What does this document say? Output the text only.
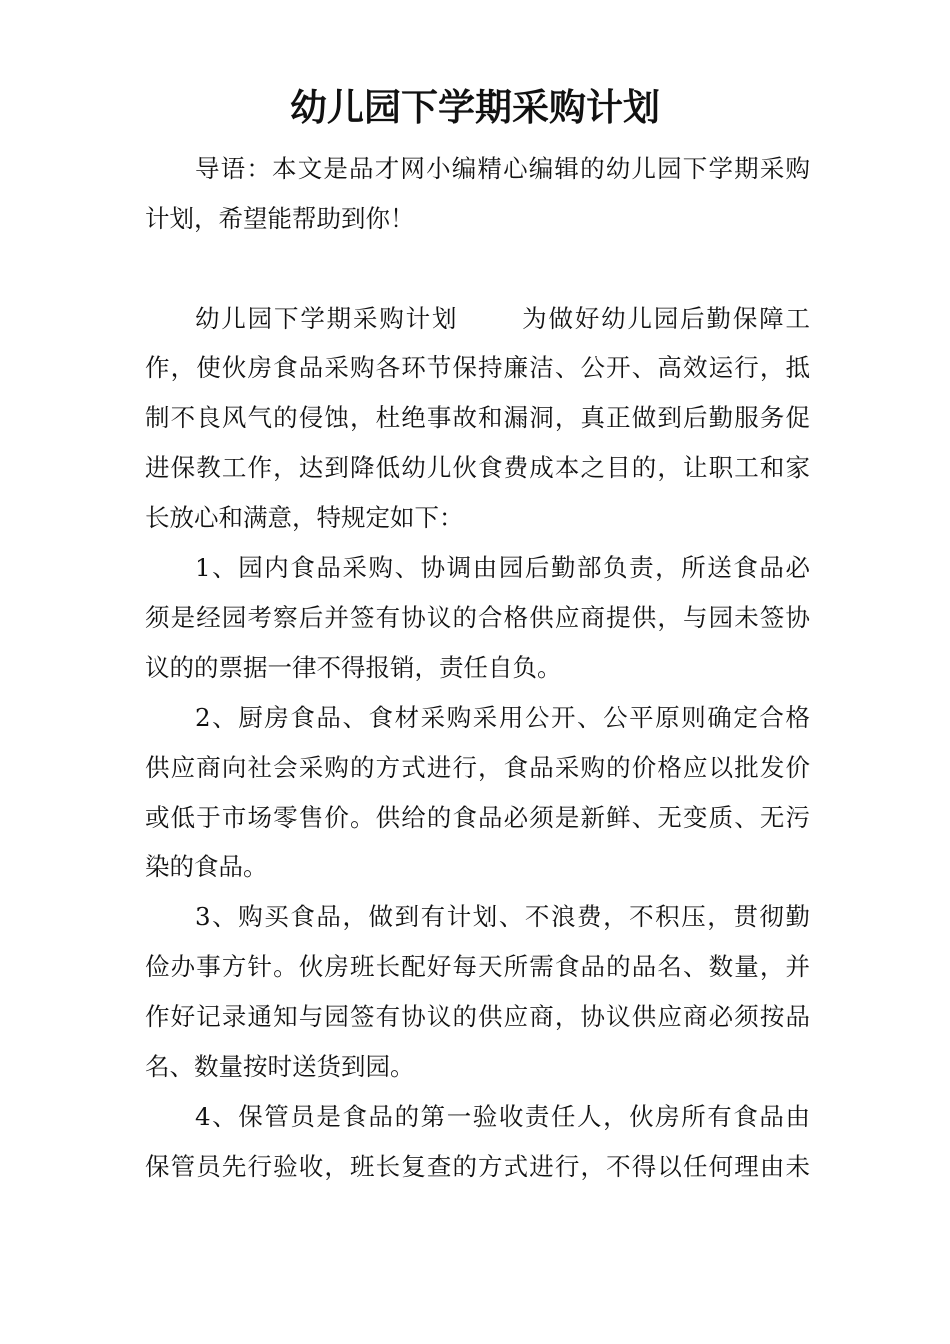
幼儿园下学期采购计划

导语：本文是品才网小编精心编辑的幼儿园下学期采购

计划，希望能帮助到你！

幼儿园下学期采购计划	为做好幼儿园后勤保障工

作，使伙房食品采购各环节保持廉洁、公开、高效运行，抵

制不良风气的侵蚀，杜绝事故和漏洞，真正做到后勤服务促

进保教工作，达到降低幼儿伙食费成本之目的，让职工和家

长放心和满意，特规定如下：

1、园内食品采购、协调由园后勤部负责，所送食品必

须是经园考察后并签有协议的合格供应商提供，与园未签协

议的的票据一律不得报销，责任自负。

2、厨房食品、食材采购采用公开、公平原则确定合格

供应商向社会采购的方式进行，食品采购的价格应以批发价

或低于市场零售价。供给的食品必须是新鲜、无变质、无污

染的食品。

3、购买食品，做到有计划、不浪费，不积压，贯彻勤

俭办事方针。伙房班长配好每天所需食品的品名、数量，并

作好记录通知与园签有协议的供应商，协议供应商必须按品

名、数量按时送货到园。

4、保管员是食品的第一验收责任人，伙房所有食品由

保管员先行验收，班长复查的方式进行，不得以任何理由未
